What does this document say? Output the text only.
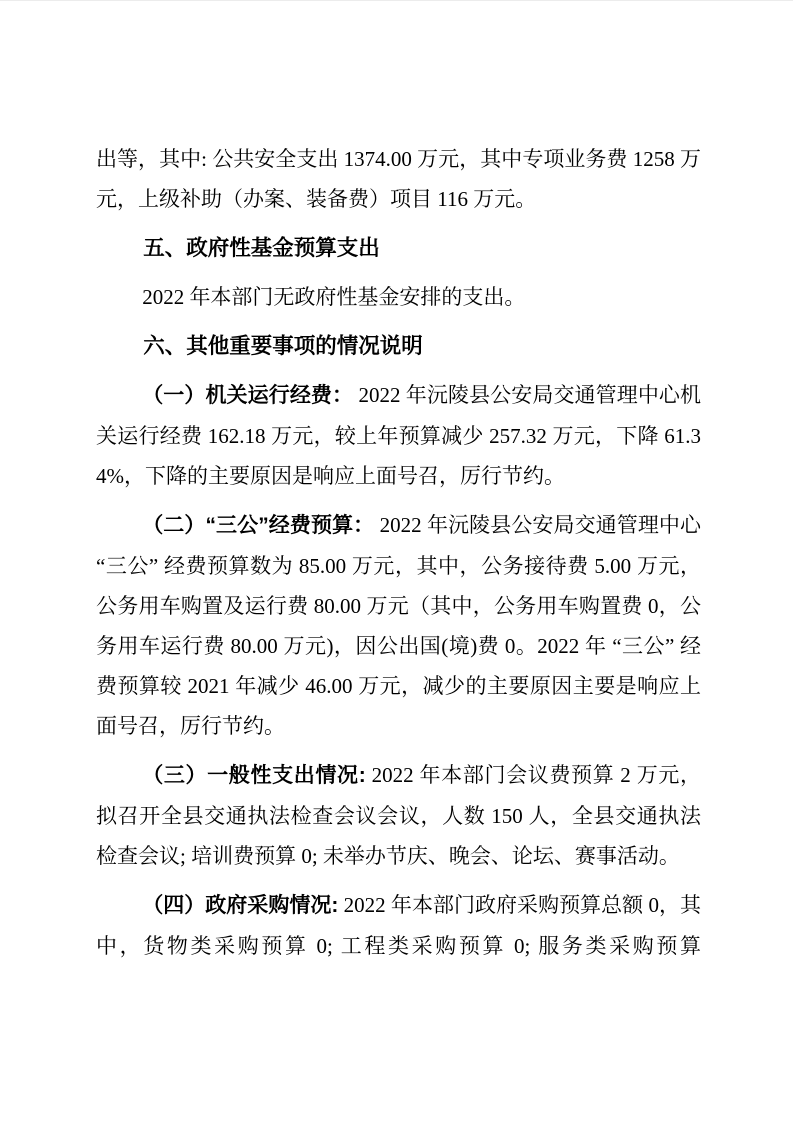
出等，其中: 公共安全支出 1374.00 万元，其中专项业务费 1258 万元，上级补助（办案、装备费）项目 116 万元。

五、政府性基金预算支出

2022 年本部门无政府性基金安排的支出。

六、其他重要事项的情况说明

（一）机关运行经费： 2022 年沅陵县公安局交通管理中心机关运行经费 162.18 万元，较上年预算减少 257.32 万元，下降 61.34%，下降的主要原因是响应上面号召，厉行节约。

（二）“三公”经费预算： 2022 年沅陵县公安局交通管理中心 “三公” 经费预算数为 85.00 万元，其中，公务接待费 5.00 万元，公务用车购置及运行费 80.00 万元（其中，公务用车购置费 0，公务用车运行费 80.00 万元)，因公出国(境)费 0。2022 年 “三公” 经费预算较 2021 年减少 46.00 万元，减少的主要原因主要是响应上面号召，厉行节约。

（三）一般性支出情况: 2022 年本部门会议费预算 2 万元，拟召开全县交通执法检查会议会议，人数 150 人，全县交通执法检查会议; 培训费预算 0; 未举办节庆、晚会、论坛、赛事活动。

（四）政府采购情况: 2022 年本部门政府采购预算总额 0，其中，货物类采购预算 0; 工程类采购预算 0; 服务类采购预算
